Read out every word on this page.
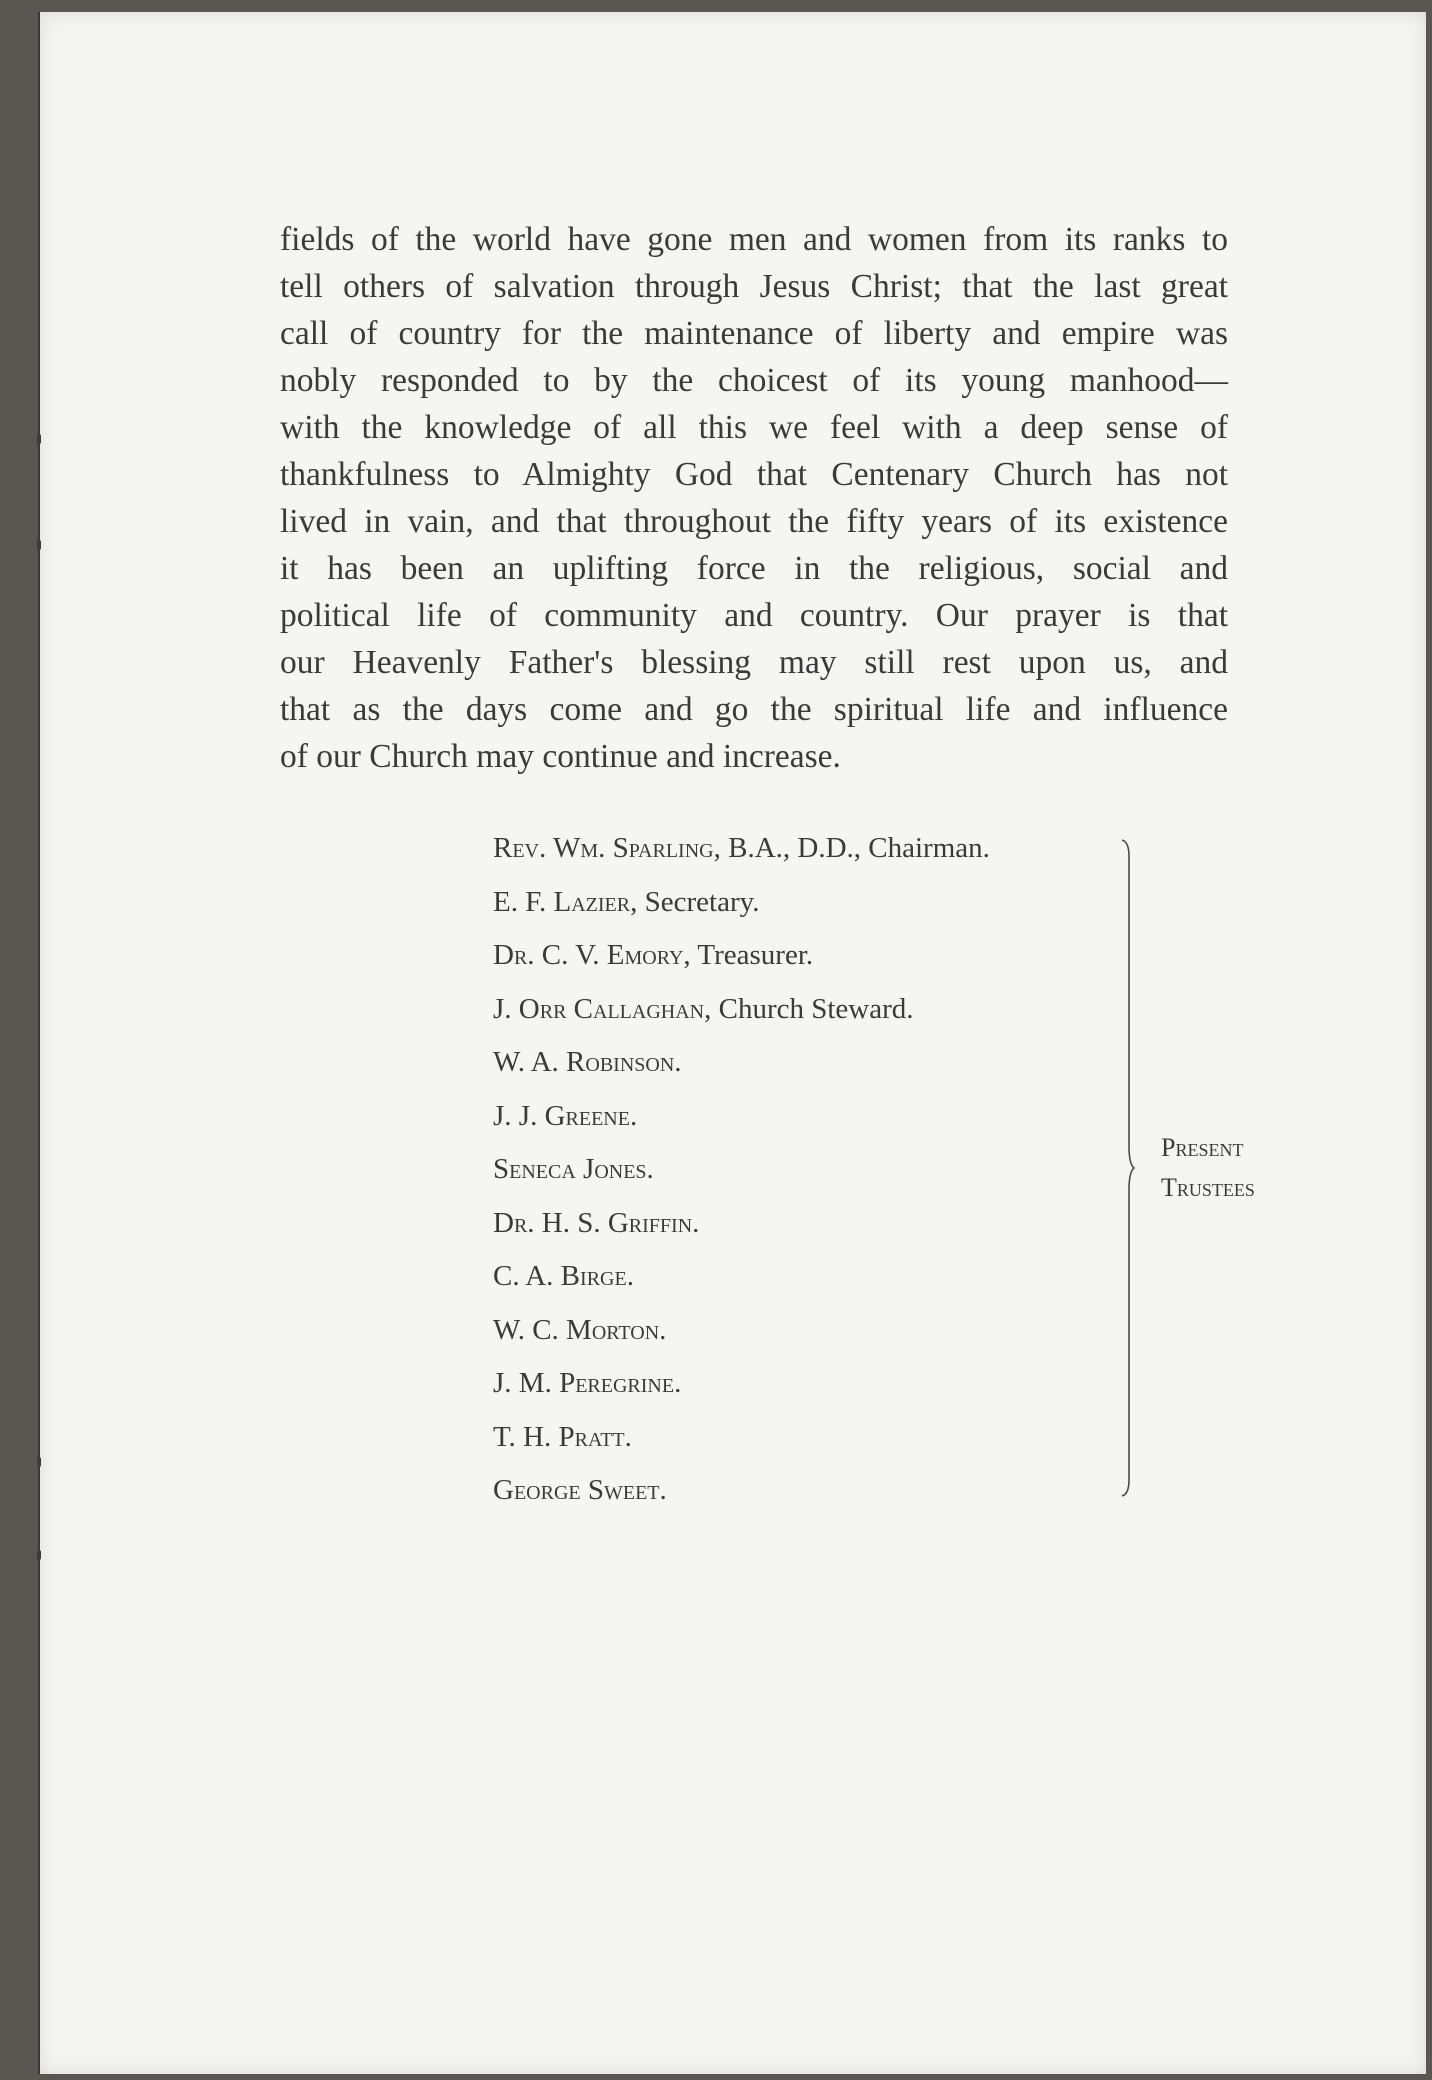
fields of the world have gone men and women from its ranks to
tell others of salvation through Jesus Christ; that the last great
call of country for the maintenance of liberty and empire was
nobly responded to by the choicest of its young manhood—
with the knowledge of all this we feel with a deep sense of
thankfulness to Almighty God that Centenary Church has not
lived in vain, and that throughout the fifty years of its existence
it has been an uplifting force in the religious, social and
political life of community and country. Our prayer is that
our Heavenly Father's blessing may still rest upon us, and
that as the days come and go the spiritual life and influence
of our Church may continue and increase.
Rev. Wm. Sparling, B.A., D.D., Chairman.
E. F. Lazier, Secretary.
Dr. C. V. Emory, Treasurer.
J. Orr Callaghan, Church Steward.
W. A. Robinson.
J. J. Greene.
Seneca Jones.
Dr. H. S. Griffin.
C. A. Birge.
W. C. Morton.
J. M. Peregrine.
T. H. Pratt.
George Sweet.
Present
Trustees
